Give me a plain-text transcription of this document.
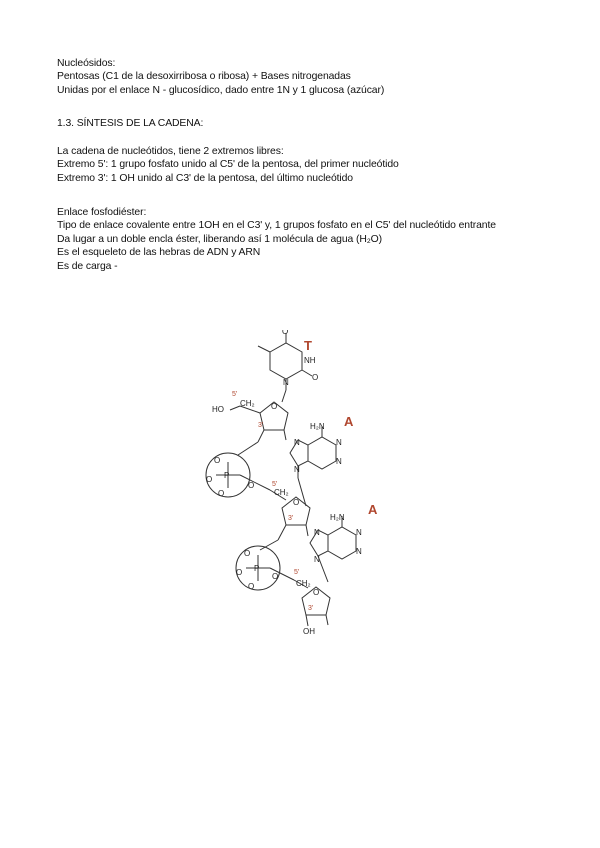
Nucleósidos:
Pentosas (C1 de la desoxirribosa o ribosa) + Bases nitrogenadas
Unidas por el enlace N - glucosídico, dado entre 1N y 1 glucosa (azúcar)
1.3. SÍNTESIS DE LA CADENA:
La cadena de nucleótidos, tiene 2 extremos libres:
Extremo 5': 1 grupo fosfato unido al C5' de la pentosa, del primer nucleótido
Extremo 3': 1 OH unido al C3' de la pentosa, del último nucleótido
Enlace fosfodiéster:
Tipo de enlace covalente entre 1OH en el C3' y, 1 grupos fosfato en el C5' del nucleótido entrante
Da lugar a un doble encla éster, liberando así 1 molécula de agua (H₂O)
Es el esqueleto de las hebras de ADN y ARN
Es de carga -
T
A
A
O
NH
O
N
HO
5'
CH₂ O
3'	H₂N
N
N
N
N
O
P
O
O
O	5'
CH₂
O
3'	H₂N
N
N
N
N
O
P
O
O
O 5'
CH₂
O
3'
OH
